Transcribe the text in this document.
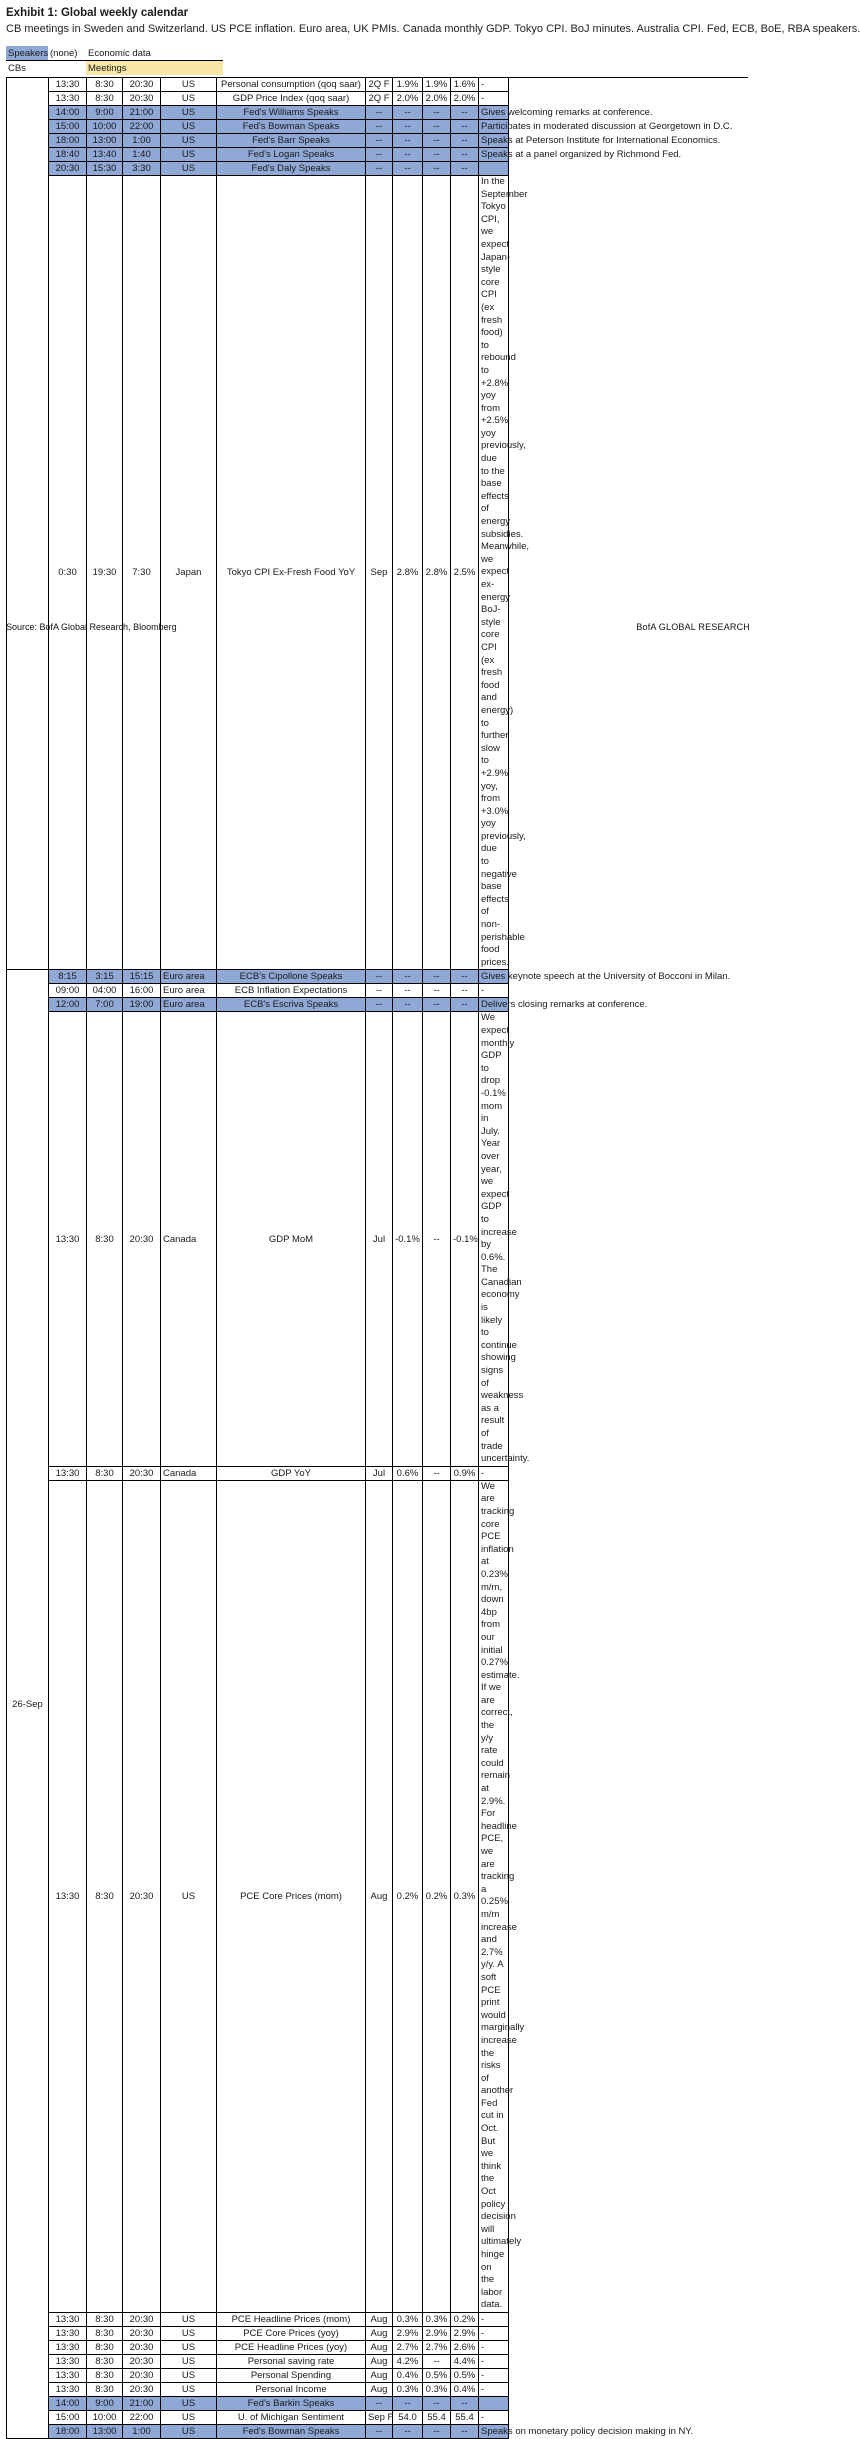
Exhibit 1: Global weekly calendar
CB meetings in Sweden and Switzerland. US PCE inflation. Euro area, UK PMIs. Canada monthly GDP. Tokyo CPI. BoJ minutes. Australia CPI. Fed, ECB, BoE, RBA speakers.
Speakers	(none)	Economic data	
CBs		Meetings	
	13:30	8:30	20:30	US	Personal consumption (qoq saar)	2Q F	1.9%	1.9%	1.6%	-
	13:30	8:30	20:30	US	GDP Price Index (qoq saar)	2Q F	2.0%	2.0%	2.0%	-
	14:00	9:00	21:00	US	Fed's Williams Speaks	--	--	--	--	Gives welcoming remarks at conference.
	15:00	10:00	22:00	US	Fed's Bowman Speaks	--	--	--	--	Participates in moderated discussion at Georgetown in D.C.
	18:00	13:00	1:00	US	Fed's Barr Speaks	--	--	--	--	Speaks at Peterson Institute for International Economics.
	18:40	13:40	1:40	US	Fed's Logan Speaks	--	--	--	--	Speaks at a panel organized by Richmond Fed.
	20:30	15:30	3:30	US	Fed's Daly Speaks	--	--	--	--	
	0:30	19:30	7:30	Japan	Tokyo CPI Ex-Fresh Food YoY	Sep	2.8%	2.8%	2.5%	In the September Tokyo CPI, we expect Japan-style core CPI (ex fresh food) to rebound to +2.8% yoy from +2.5% yoy previously, due to the base effects of energy subsidies. Meanwhile, we expect ex-energy BoJ-style core CPI (ex fresh food and energy) to further slow to +2.9% yoy, from +3.0% yoy previously, due to negative base effects of non-perishable food prices.
26-Sep	8:15	3:15	15:15	Euro area	ECB's Cipollone Speaks	--	--	--	--	Gives keynote speech at the University of Bocconi in Milan.
	09:00	04:00	16:00	Euro area	ECB Inflation Expectations	--	--	--	--	-
	12:00	7:00	19:00	Euro area	ECB's Escriva Speaks	--	--	--	--	Delivers closing remarks at conference.
	13:30	8:30	20:30	Canada	GDP MoM	Jul	-0.1%	--	-0.1%	We expect monthly GDP to drop -0.1% mom in July. Year over year, we expect GDP to increase by 0.6%. The Canadian economy is likely to continue showing signs of weakness as a result of trade uncertainty.
	13:30	8:30	20:30	Canada	GDP YoY	Jul	0.6%	--	0.9%	-
	13:30	8:30	20:30	US	PCE Core Prices (mom)	Aug	0.2%	0.2%	0.3%	We are tracking core PCE inflation at 0.23% m/m, down 4bp from our initial 0.27% estimate. If we are correct, the y/y rate could remain at 2.9%. For headline PCE, we are tracking a 0.25% m/m increase and 2.7% y/y. A soft PCE print would marginally increase the risks of another Fed cut in Oct. But we think the Oct policy decision will ultimately hinge on the labor data.
	13:30	8:30	20:30	US	PCE Headline Prices (mom)	Aug	0.3%	0.3%	0.2%	-
	13:30	8:30	20:30	US	PCE Core Prices (yoy)	Aug	2.9%	2.9%	2.9%	-
	13:30	8:30	20:30	US	PCE Headline Prices (yoy)	Aug	2.7%	2.7%	2.6%	-
	13:30	8:30	20:30	US	Personal saving rate	Aug	4.2%	--	4.4%	-
	13:30	8:30	20:30	US	Personal Spending	Aug	0.4%	0.5%	0.5%	-
	13:30	8:30	20:30	US	Personal Income	Aug	0.3%	0.3%	0.4%	-
	14:00	9:00	21:00	US	Fed's Barkin Speaks	--	--	--	--	
	15:00	10:00	22:00	US	U. of Michigan Sentiment	Sep F	54.0	55.4	55.4	-
	18:00	13:00	1:00	US	Fed's Bowman Speaks	--	--	--	--	Speaks on monetary policy decision making in NY.
Source: BofA Global Research, Bloomberg	BofA GLOBAL RESEARCH
